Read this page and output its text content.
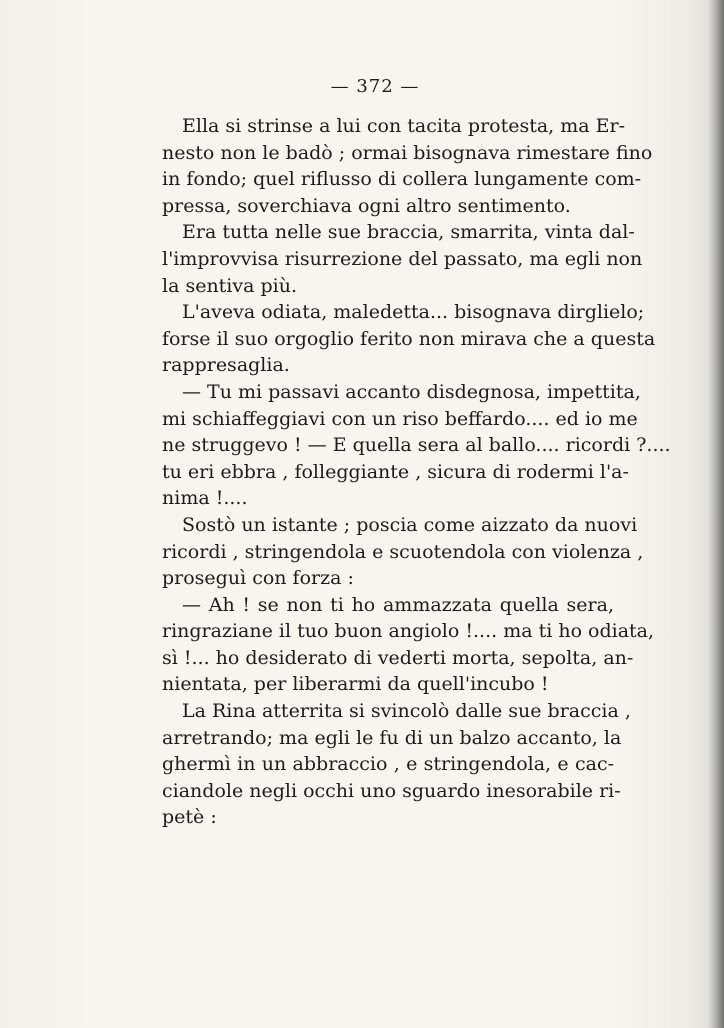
— 372 —
Ella si strinse a lui con tacita protesta, ma Er-
nesto non le badò ; ormai bisognava rimestare fino
in fondo; quel riflusso di collera lungamente com-
pressa, soverchiava ogni altro sentimento.
Era tutta nelle sue braccia, smarrita, vinta dal-
l'improvvisa risurrezione del passato, ma egli non
la sentiva più.
L'aveva odiata, maledetta... bisognava dirglielo;
forse il suo orgoglio ferito non mirava che a questa
rappresaglia.
— Tu mi passavi accanto disdegnosa, impettita,
mi schiaffeggiavi con un riso beffardo.... ed io me
ne struggevo ! — E quella sera al ballo.... ricordi ?....
tu eri ebbra , folleggiante , sicura di rodermi l'a-
nima !....
Sostò un istante ; poscia come aizzato da nuovi
ricordi , stringendola e scuotendola con violenza ,
proseguì con forza :
— Ah ! se non ti ho ammazzata quella sera,
ringraziane il tuo buon angiolo !.... ma ti ho odiata,
sì !... ho desiderato di vederti morta, sepolta, an-
nientata, per liberarmi da quell'incubo !
La Rina atterrita si svincolò dalle sue braccia ,
arretrando; ma egli le fu di un balzo accanto, la
ghermì in un abbraccio , e stringendola, e cac-
ciandole negli occhi uno sguardo inesorabile ri-
petè :
